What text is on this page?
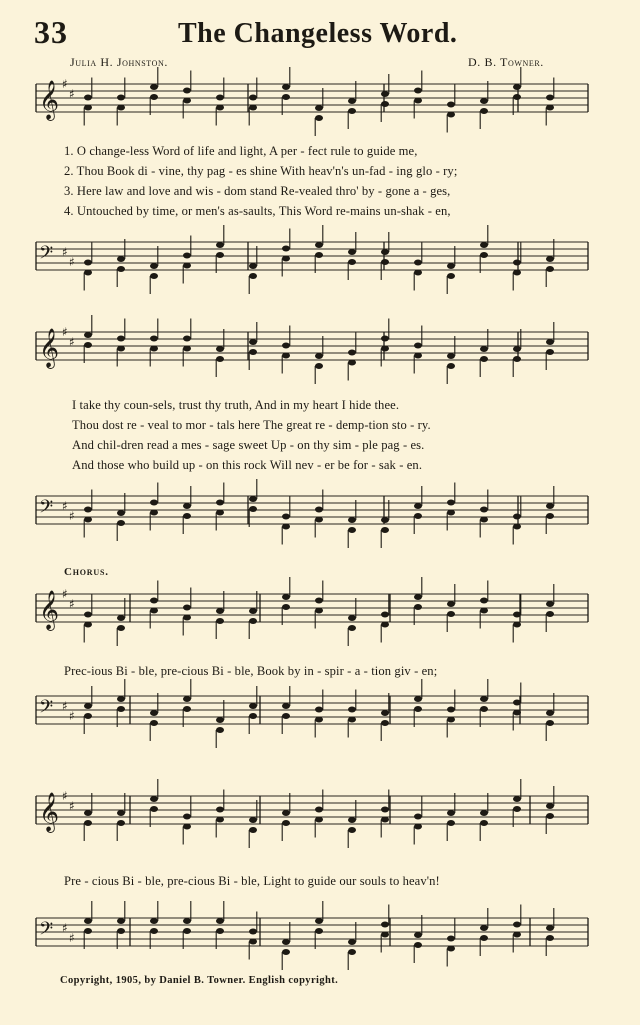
33	The Changeless Word.
Julia H. Johnston.	D. B. Towner.
𝄞 ♯
♯
𝄢 ♯
♯
1. O change-less Word of life and light, A per - fect rule to guide me,
2. Thou Book di - vine, thy pag - es shine With heav'n's un-fad - ing glo - ry;
3. Here law and love and wis - dom stand Re-vealed thro' by - gone a - ges,
4. Untouched by time, or men's as-saults, This Word re-mains un-shak - en,
𝄞 ♯
♯
𝄢 ♯
♯
I take thy coun-sels, trust thy truth, And in my heart I hide thee.
Thou dost re - veal to mor - tals here The great re - demp-tion sto - ry.
And chil-dren read a mes - sage sweet Up - on thy sim - ple pag - es.
And those who build up - on this rock Will nev - er be for - sak - en.
Chorus.
𝄞 ♯
♯
𝄢 ♯
♯
Prec-ious Bi - ble, pre-cious Bi - ble, Book by in - spir - a - tion giv - en;
𝄞 ♯
♯
𝄢 ♯
♯
Pre - cious Bi - ble, pre-cious Bi - ble, Light to guide our souls to heav'n!
Copyright, 1905, by Daniel B. Towner. English copyright.
